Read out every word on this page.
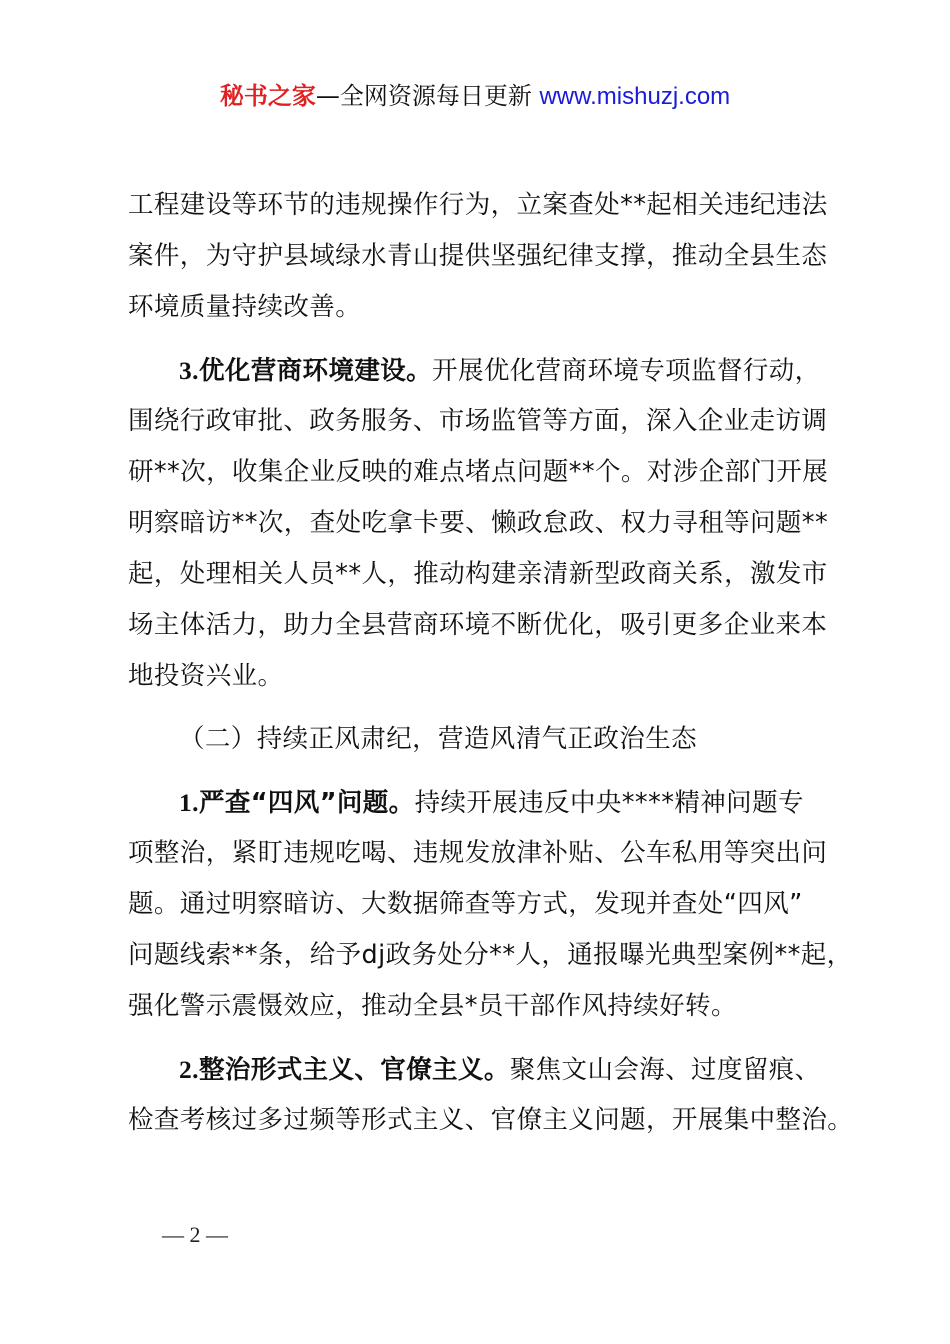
秘书之家—全网资源每日更新 www.mishuzj.com
工程建设等环节的违规操作行为，立案查处**起相关违纪违法
案件，为守护县域绿水青山提供坚强纪律支撑，推动全县生态
环境质量持续改善。
3.优化营商环境建设。开展优化营商环境专项监督行动，
围绕行政审批、政务服务、市场监管等方面，深入企业走访调
研**次，收集企业反映的难点堵点问题**个。对涉企部门开展
明察暗访**次，查处吃拿卡要、懒政怠政、权力寻租等问题**
起，处理相关人员**人，推动构建亲清新型政商关系，激发市
场主体活力，助力全县营商环境不断优化，吸引更多企业来本
地投资兴业。
（二）持续正风肃纪，营造风清气正政治生态
1.严查“四风”问题。持续开展违反中央****精神问题专
项整治，紧盯违规吃喝、违规发放津补贴、公车私用等突出问
题。通过明察暗访、大数据筛查等方式，发现并查处“四风”
问题线索**条，给予dj政务处分**人，通报曝光典型案例**起，
强化警示震慑效应，推动全县*员干部作风持续好转。
2.整治形式主义、官僚主义。聚焦文山会海、过度留痕、
检查考核过多过频等形式主义、官僚主义问题，开展集中整治。
— 2 —
